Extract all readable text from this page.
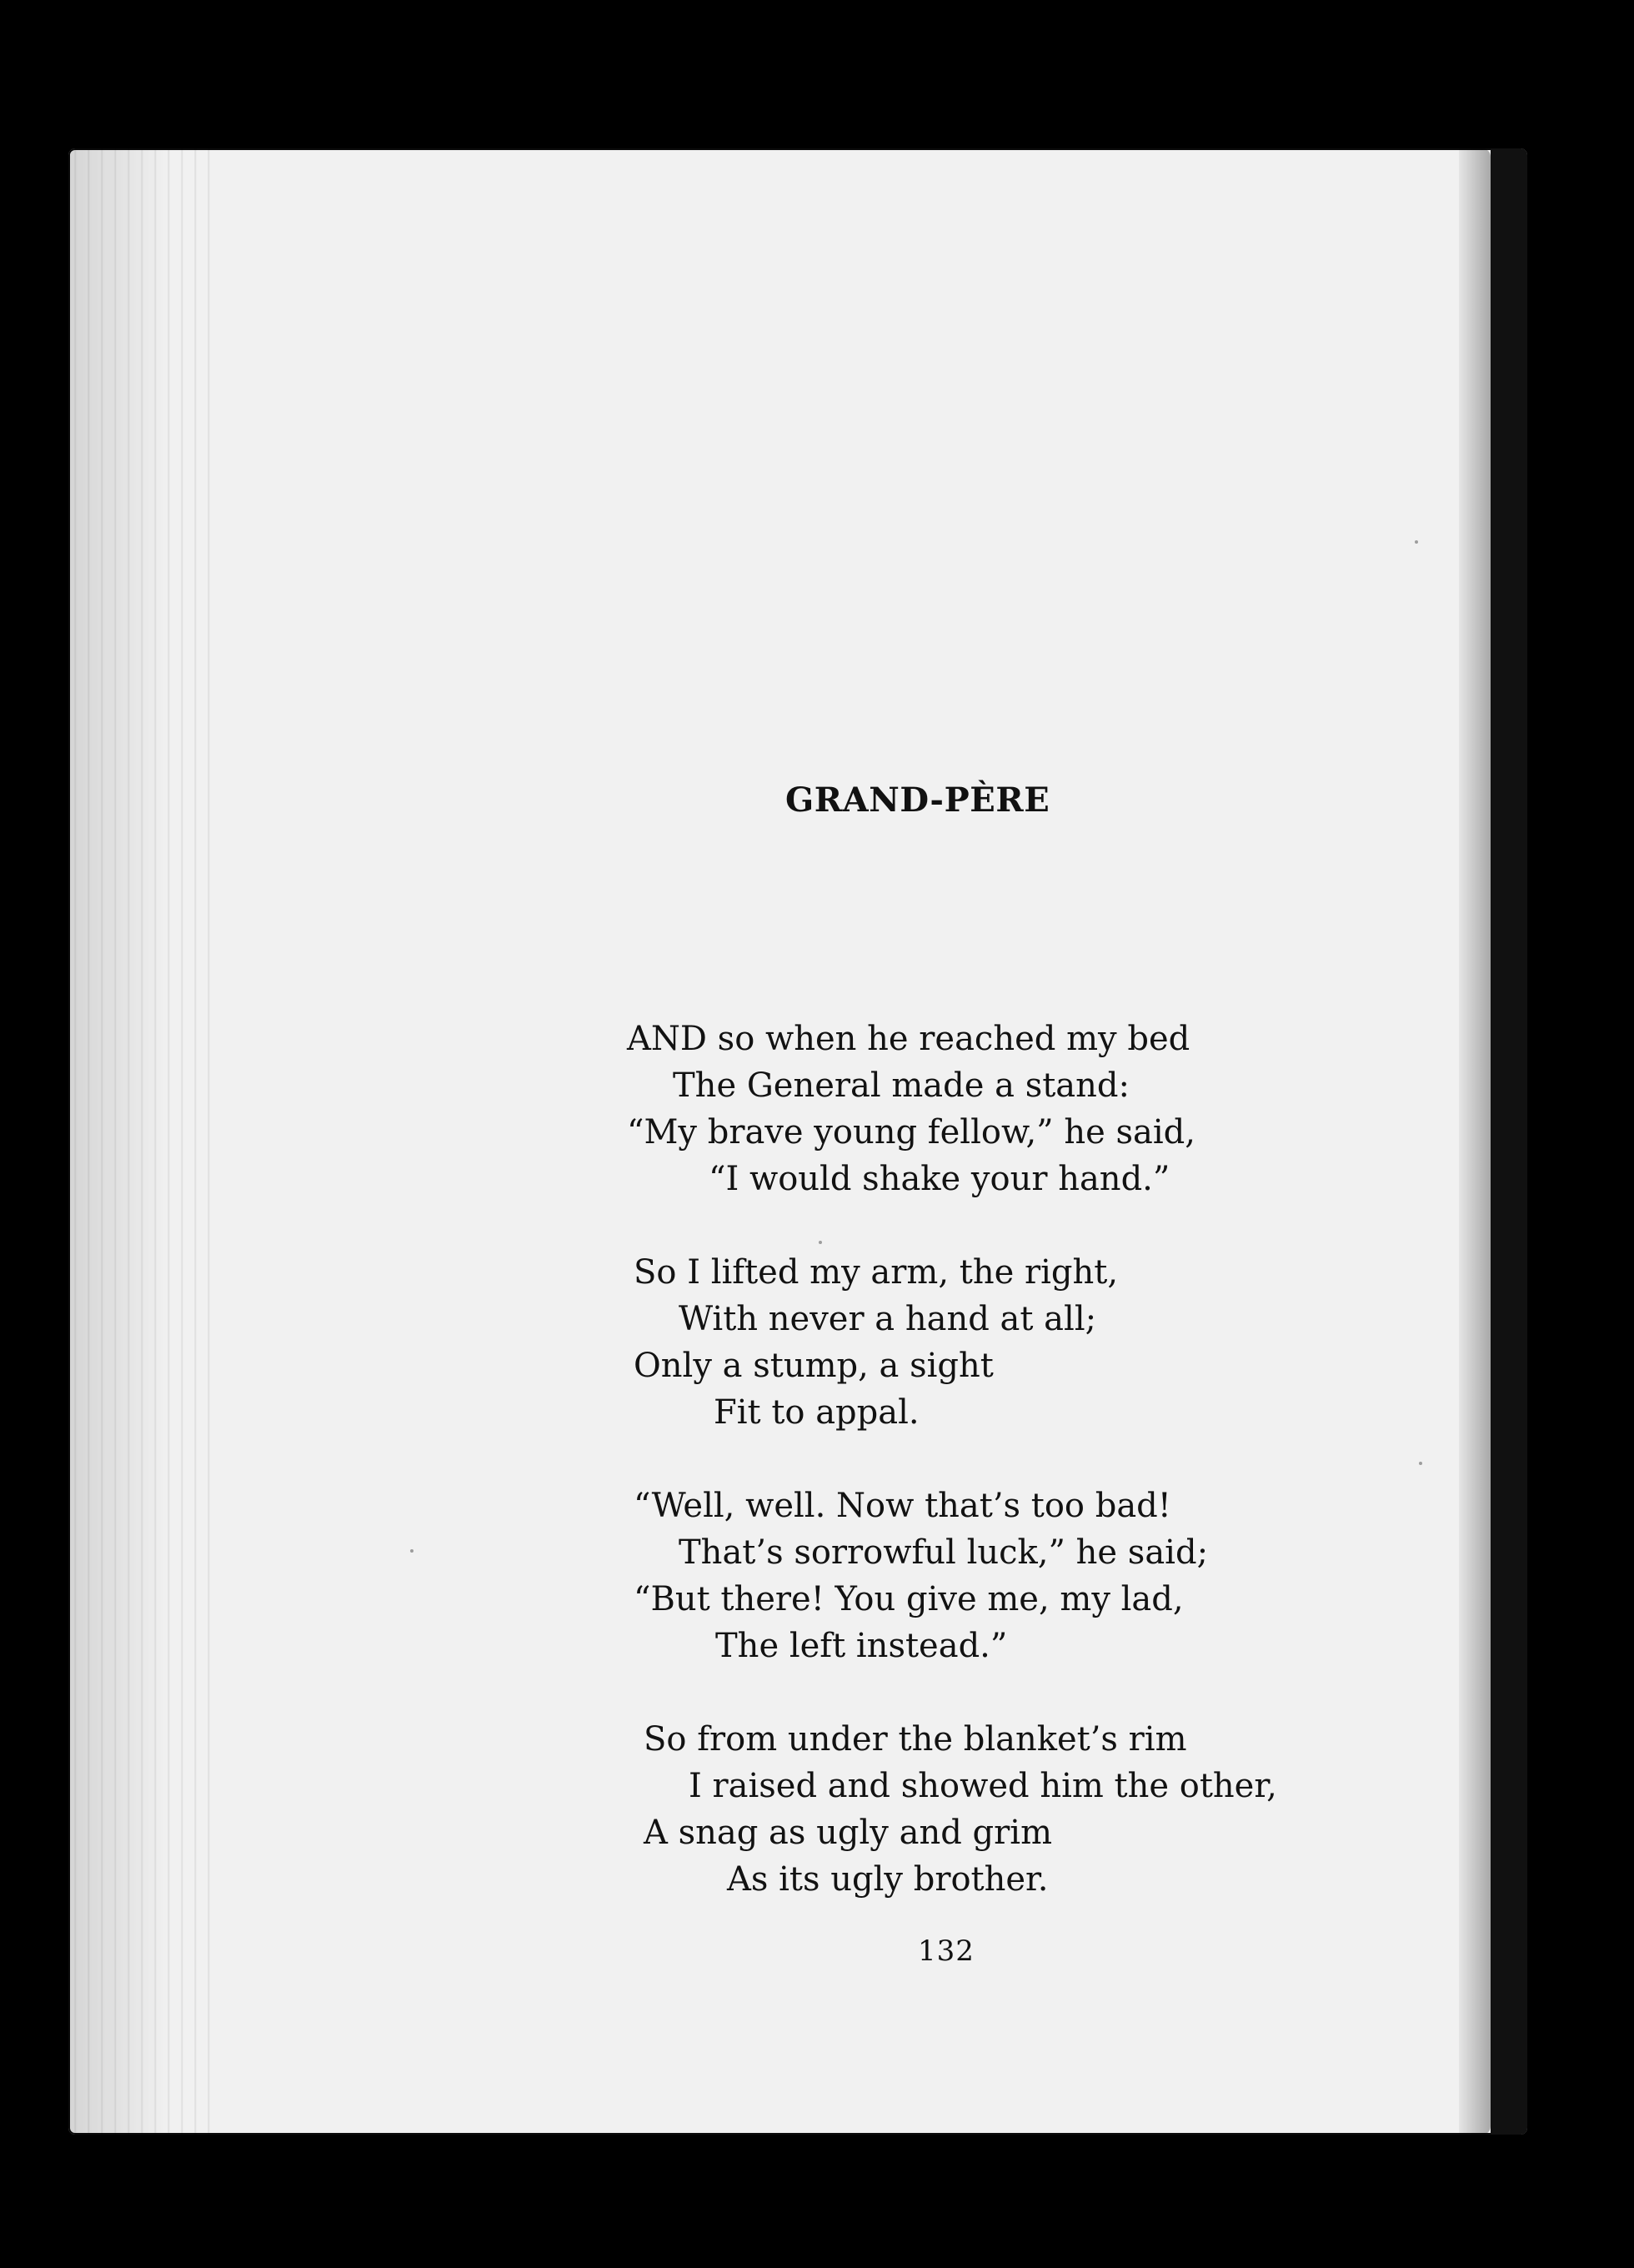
GRAND-PÈRE
AND so when he reached my bed
The General made a stand:
“My brave young fellow,” he said,
“I would shake your hand.”
So I lifted my arm, the right,
With never a hand at all;
Only a stump, a sight
Fit to appal.
“Well, well. Now that’s too bad!
That’s sorrowful luck,” he said;
“But there! You give me, my lad,
The left instead.”
So from under the blanket’s rim
I raised and showed him the other,
A snag as ugly and grim
As its ugly brother.
132
